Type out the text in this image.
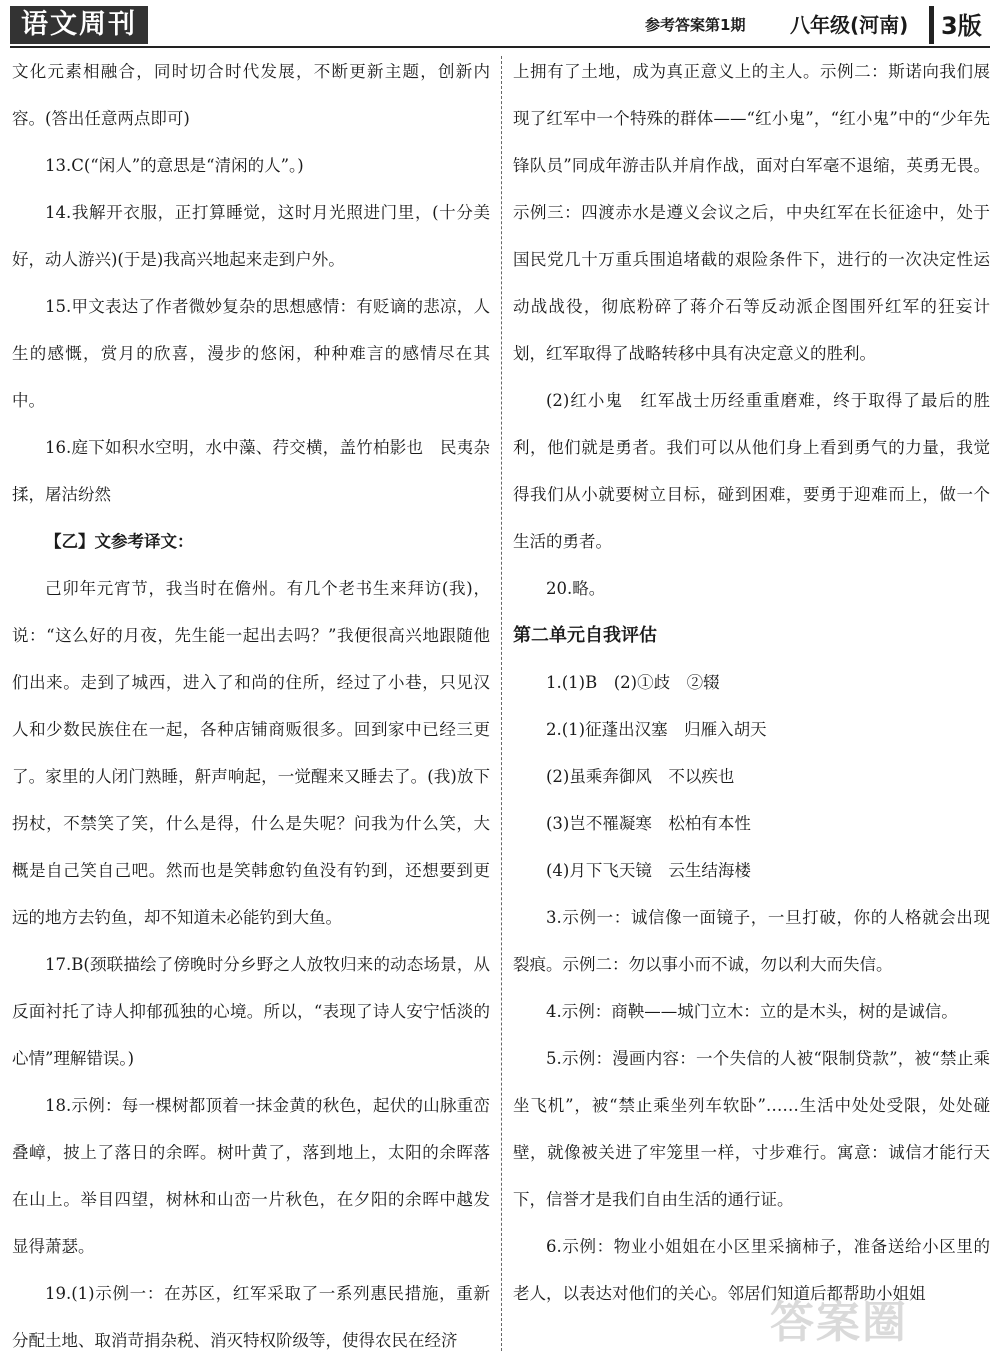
语文周刊	参考答案第1期 八年级(河南) 3版

文化元素相融合，同时切合时代发展，不断更新主题，创新内容。(答出任意两点即可)

13.C(“闲人”的意思是“清闲的人”。)

14.我解开衣服，正打算睡觉，这时月光照进门里，(十分美好，动人游兴)(于是)我高兴地起来走到户外。

15.甲文表达了作者微妙复杂的思想感情：有贬谪的悲凉，人生的感慨，赏月的欣喜，漫步的悠闲，种种难言的感情尽在其中。

16.庭下如积水空明，水中藻、荇交横，盖竹柏影也　民夷杂揉，屠沽纷然

【乙】文参考译文：

己卯年元宵节，我当时在儋州。有几个老书生来拜访(我)，说：“这么好的月夜，先生能一起出去吗？”我便很高兴地跟随他们出来。走到了城西，进入了和尚的住所，经过了小巷，只见汉人和少数民族住在一起，各种店铺商贩很多。回到家中已经三更了。家里的人闭门熟睡，鼾声响起，一觉醒来又睡去了。(我)放下拐杖，不禁笑了笑，什么是得，什么是失呢？问我为什么笑，大概是自己笑自己吧。然而也是笑韩愈钓鱼没有钓到，还想要到更远的地方去钓鱼，却不知道未必能钓到大鱼。

17.B(颈联描绘了傍晚时分乡野之人放牧归来的动态场景，从反面衬托了诗人抑郁孤独的心境。所以，“表现了诗人安宁恬淡的心情”理解错误。)

18.示例：每一棵树都顶着一抹金黄的秋色，起伏的山脉重峦叠嶂，披上了落日的余晖。树叶黄了，落到地上，太阳的余晖落在山上。举目四望，树林和山峦一片秋色，在夕阳的余晖中越发显得萧瑟。

19.(1)示例一：在苏区，红军采取了一系列惠民措施，重新分配土地、取消苛捐杂税、消灭特权阶级等，使得农民在经济

上拥有了土地，成为真正意义上的主人。示例二：斯诺向我们展现了红军中一个特殊的群体——“红小鬼”，“红小鬼”中的“少年先锋队员”同成年游击队并肩作战，面对白军毫不退缩，英勇无畏。示例三：四渡赤水是遵义会议之后，中央红军在长征途中，处于国民党几十万重兵围追堵截的艰险条件下，进行的一次决定性运动战战役，彻底粉碎了蒋介石等反动派企图围歼红军的狂妄计划，红军取得了战略转移中具有决定意义的胜利。

(2)红小鬼　红军战士历经重重磨难，终于取得了最后的胜利，他们就是勇者。我们可以从他们身上看到勇气的力量，我觉得我们从小就要树立目标，碰到困难，要勇于迎难而上，做一个生活的勇者。

20.略。

第二单元自我评估

1.(1)B　(2)①歧　②辍

2.(1)征蓬出汉塞　归雁入胡天

(2)虽乘奔御风　不以疾也

(3)岂不罹凝寒　松柏有本性

(4)月下飞天镜　云生结海楼

3.示例一：诚信像一面镜子，一旦打破，你的人格就会出现裂痕。示例二：勿以事小而不诚，勿以利大而失信。

4.示例：商鞅——城门立木：立的是木头，树的是诚信。

5.示例：漫画内容：一个失信的人被“限制贷款”，被“禁止乘坐飞机”，被“禁止乘坐列车软卧”……生活中处处受限，处处碰壁，就像被关进了牢笼里一样，寸步难行。寓意：诚信才能行天下，信誉才是我们自由生活的通行证。

6.示例：物业小姐姐在小区里采摘柿子，准备送给小区里的老人，以表达对他们的关心。邻居们知道后都帮助小姐姐

答案圈
